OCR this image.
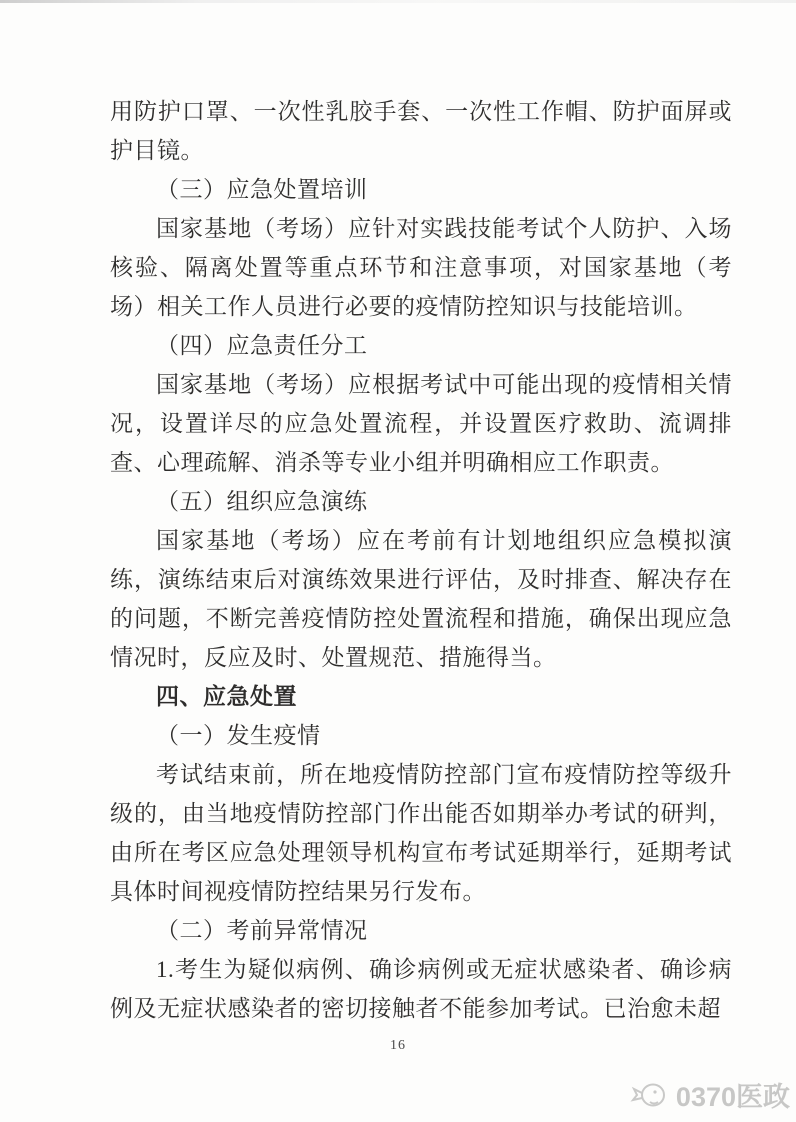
用防护口罩、一次性乳胶手套、一次性工作帽、防护面屏或护目镜。

（三）应急处置培训

国家基地（考场）应针对实践技能考试个人防护、入场核验、隔离处置等重点环节和注意事项，对国家基地（考场）相关工作人员进行必要的疫情防控知识与技能培训。

（四）应急责任分工

国家基地（考场）应根据考试中可能出现的疫情相关情况，设置详尽的应急处置流程，并设置医疗救助、流调排查、心理疏解、消杀等专业小组并明确相应工作职责。

（五）组织应急演练

国家基地（考场）应在考前有计划地组织应急模拟演练，演练结束后对演练效果进行评估，及时排查、解决存在的问题，不断完善疫情防控处置流程和措施，确保出现应急情况时，反应及时、处置规范、措施得当。

四、应急处置

（一）发生疫情

考试结束前，所在地疫情防控部门宣布疫情防控等级升级的，由当地疫情防控部门作出能否如期举办考试的研判，由所在考区应急处理领导机构宣布考试延期举行，延期考试具体时间视疫情防控结果另行发布。

（二）考前异常情况

1.考生为疑似病例、确诊病例或无症状感染者、确诊病例及无症状感染者的密切接触者不能参加考试。已治愈未超

16
0370医政
